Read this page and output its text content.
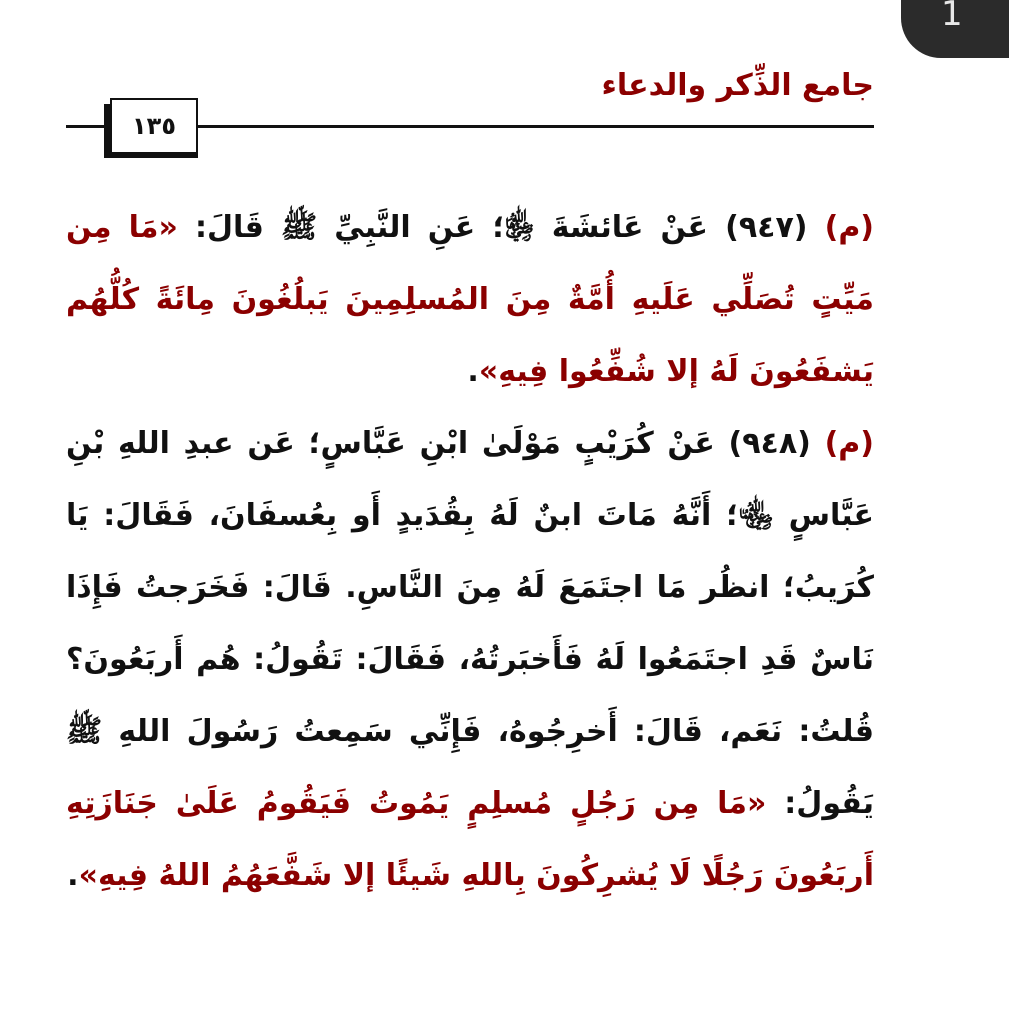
1
جامع الذِّكر والدعاء
١٣٥

(م) (٩٤٧) عَنْ عَائشَةَ ﵂؛ عَنِ النَّبِيِّ ﷺ قَالَ: «مَا مِن مَيِّتٍ تُصَلِّي عَلَيهِ أُمَّةٌ مِنَ المُسلِمِينَ يَبلُغُونَ مِائَةً كُلُّهُم يَشفَعُونَ لَهُ إلا شُفِّعُوا فِيهِ».

(م) (٩٤٨) عَنْ كُرَيْبٍ مَوْلَىٰ ابْنِ عَبَّاسٍ؛ عَن عبدِ اللهِ بْنِ عَبَّاسٍ ﵄؛ أَنَّهُ مَاتَ ابنٌ لَهُ بِقُدَيدٍ أَو بِعُسفَانَ، فَقَالَ: يَا كُرَيبُ؛ انظُر مَا اجتَمَعَ لَهُ مِنَ النَّاسِ. قَالَ: فَخَرَجتُ فَإِذَا نَاسٌ قَدِ اجتَمَعُوا لَهُ فَأَخبَرتُهُ، فَقَالَ: تَقُولُ: هُم أَربَعُونَ؟ قُلتُ: نَعَم، قَالَ: أَخرِجُوهُ، فَإِنِّي سَمِعتُ رَسُولَ اللهِ ﷺ يَقُولُ: «مَا مِن رَجُلٍ مُسلِمٍ يَمُوتُ فَيَقُومُ عَلَىٰ جَنَازَتِهِ أَربَعُونَ رَجُلًا لَا يُشرِكُونَ بِاللهِ شَيئًا إلا شَفَّعَهُمُ اللهُ فِيهِ».
